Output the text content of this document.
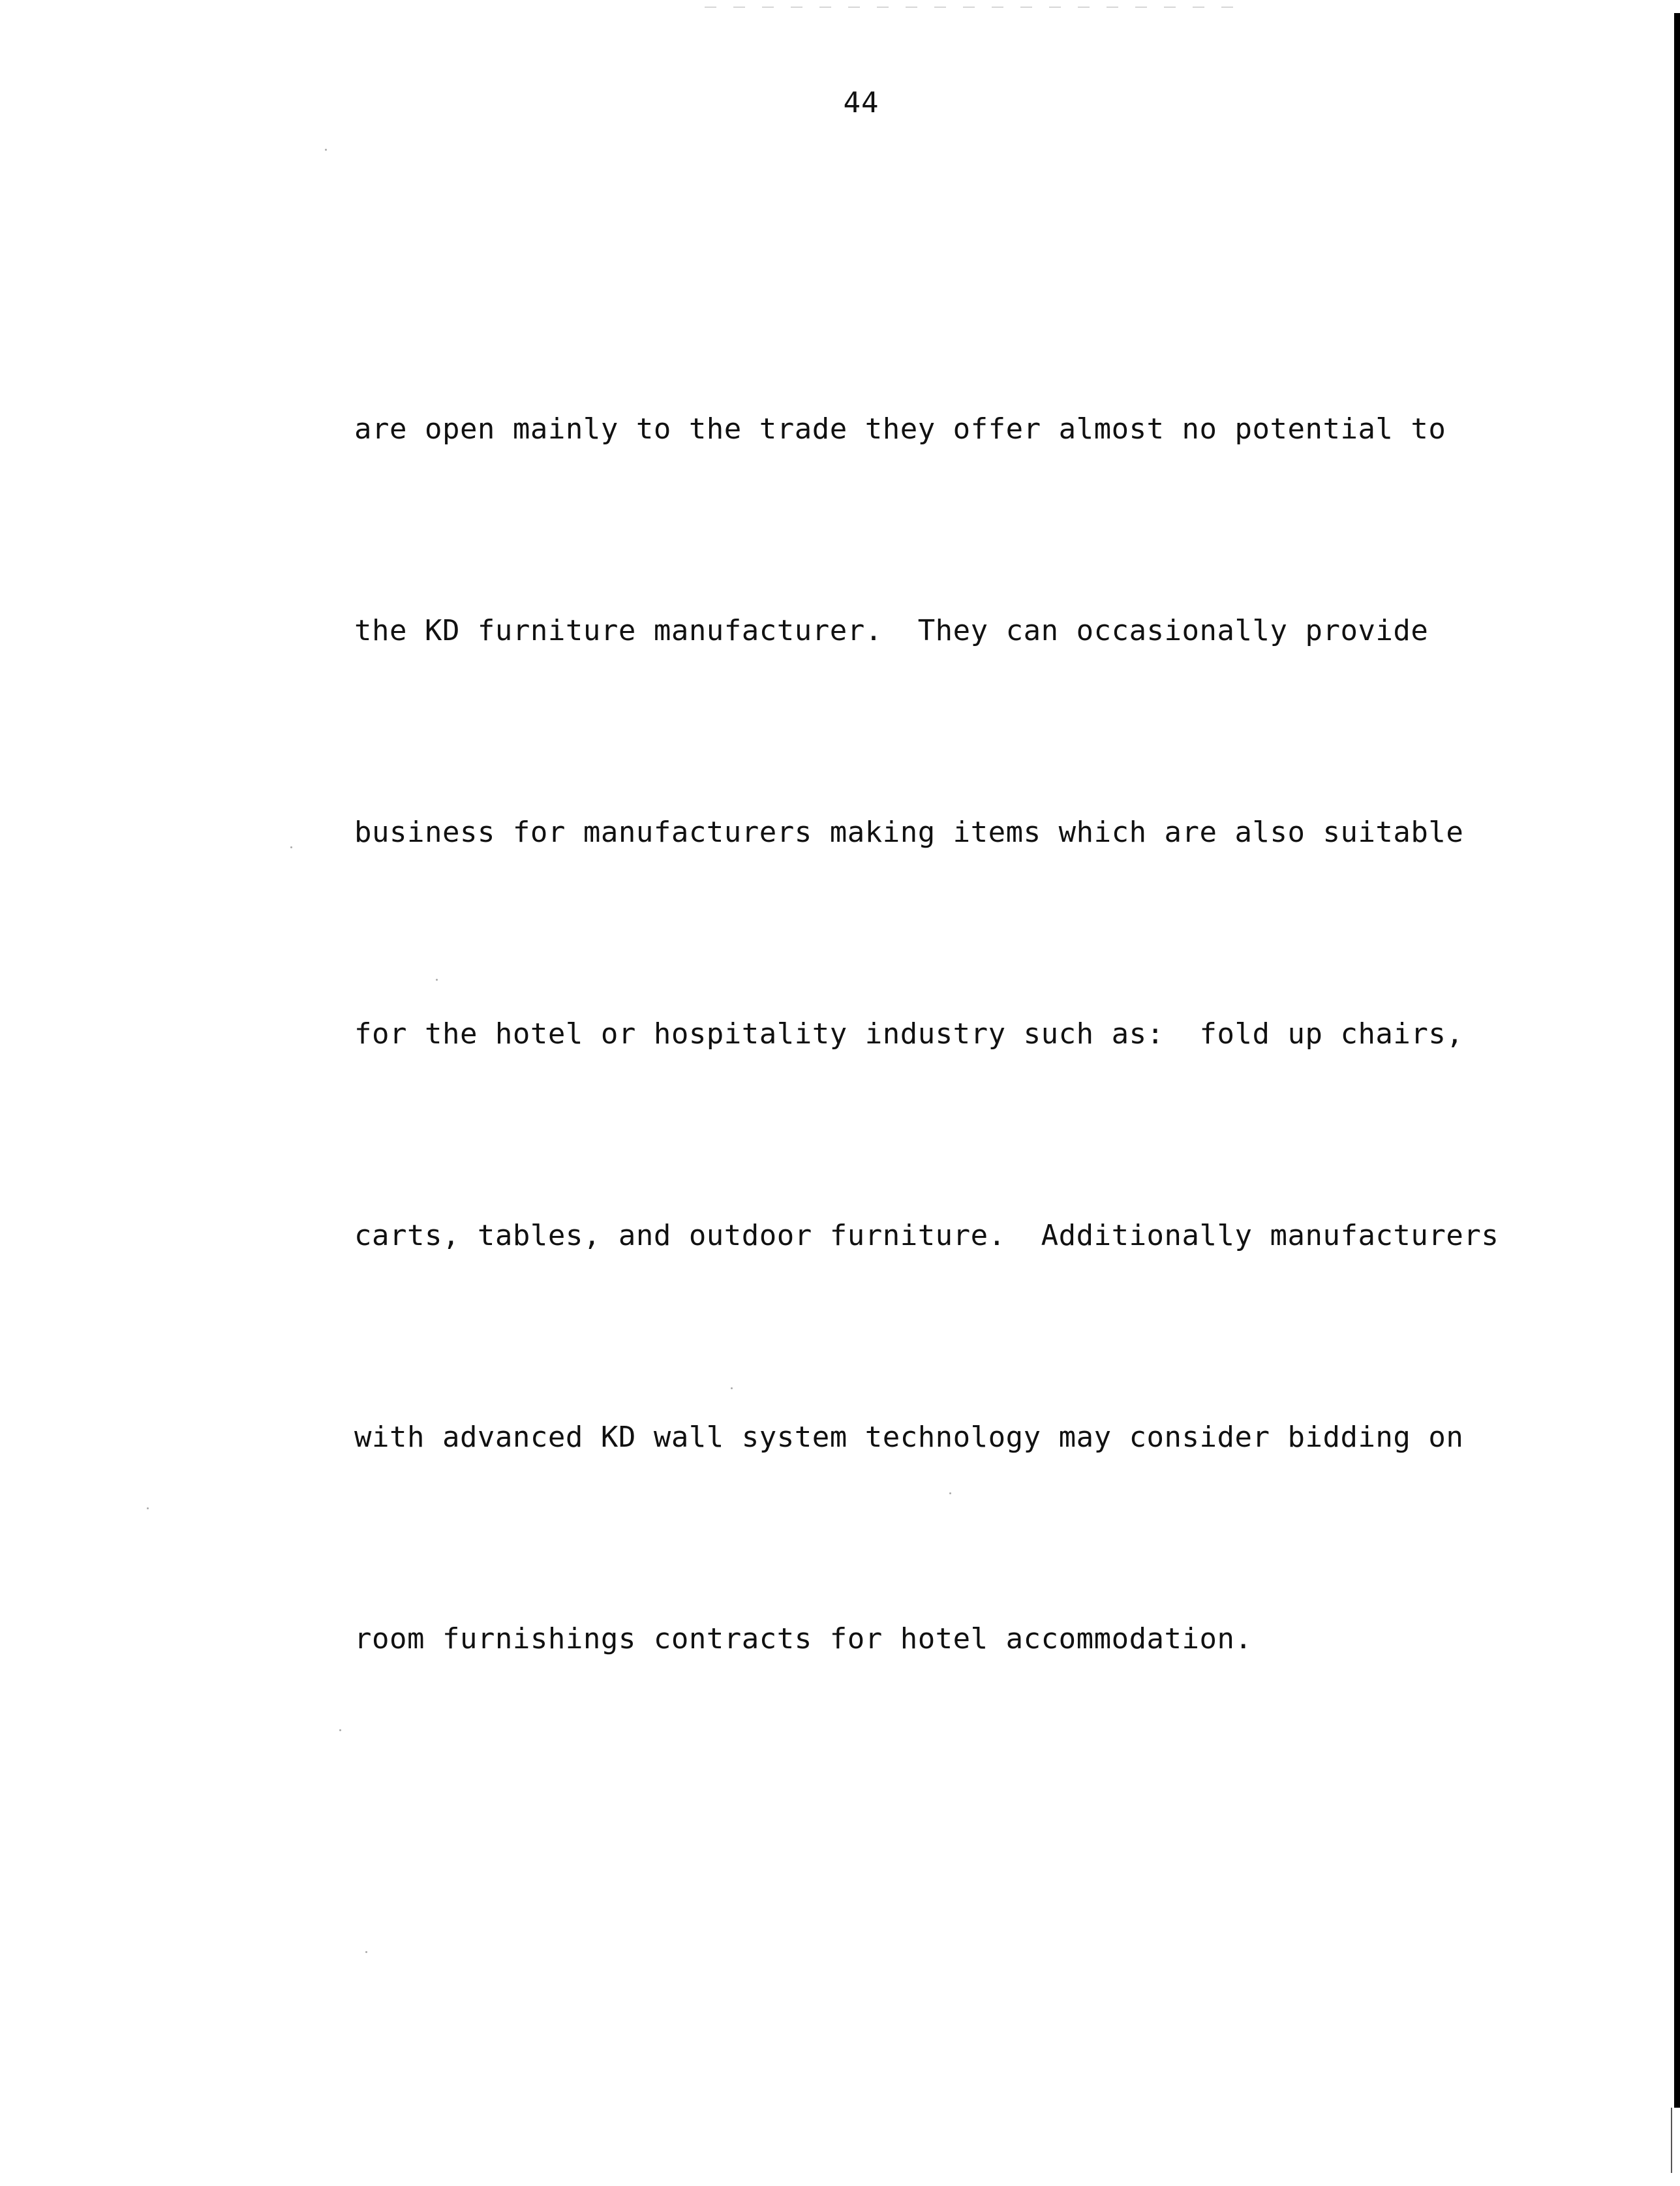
44

are open mainly to the trade they offer almost no potential to

the KD furniture manufacturer.  They can occasionally provide

business for manufacturers making items which are also suitable

for the hotel or hospitality industry such as:  fold up chairs,

carts, tables, and outdoor furniture.  Additionally manufacturers

with advanced KD wall system technology may consider bidding on

room furnishings contracts for hotel accommodation.
